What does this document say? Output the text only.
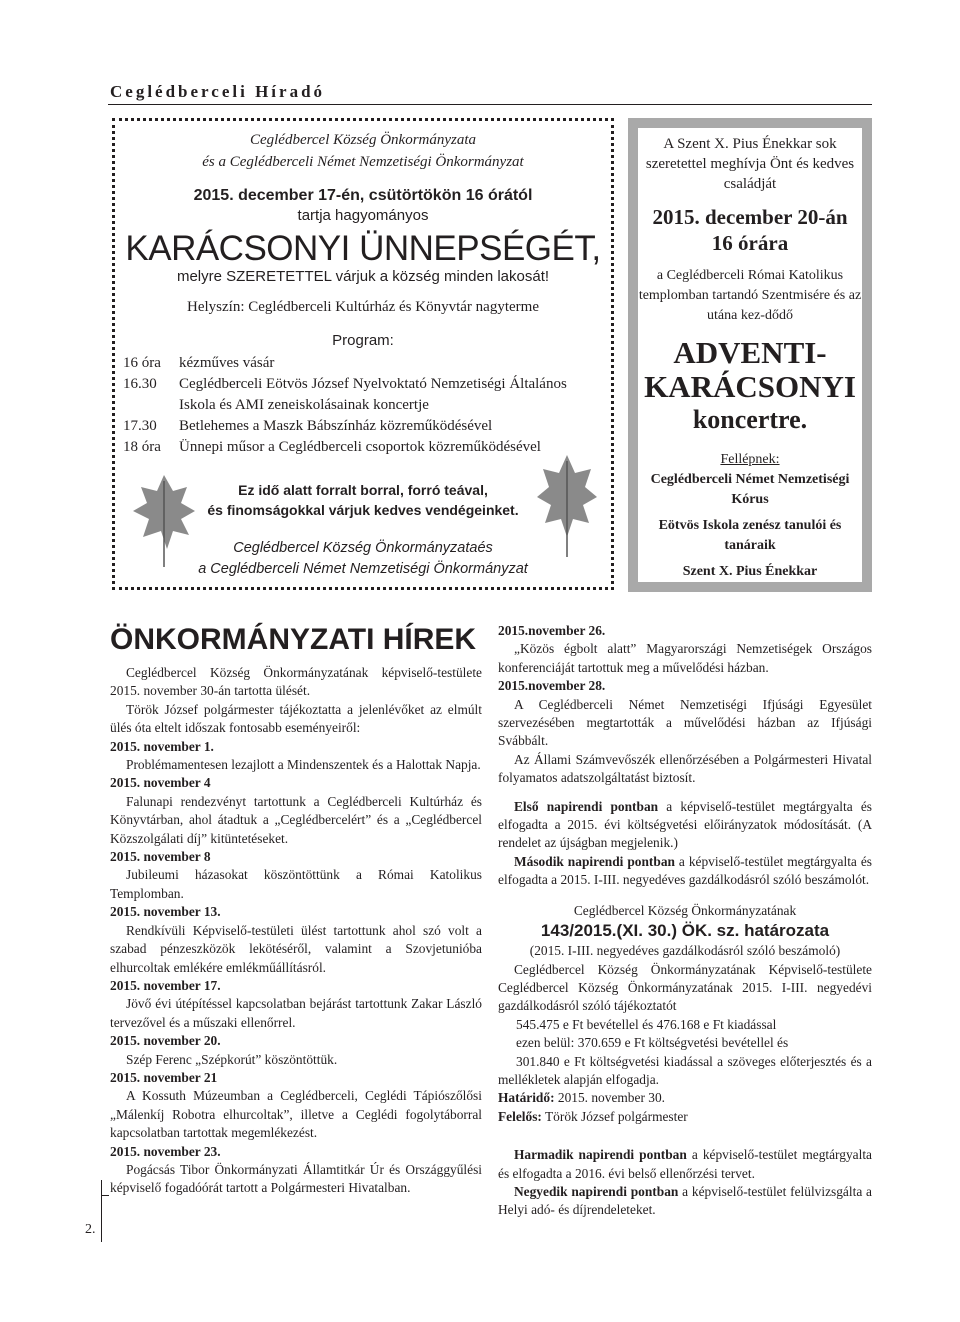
Ceglédberceli Híradó
Ceglédbercel Község Önkormányzata
és a Ceglédberceli Német Nemzetiségi Önkormányzat
2015. december 17-én, csütörtökön 16 órától
tartja hagyományos
KARÁCSONYI ÜNNEPSÉGÉT,
melyre SZERETETTEL várjuk a község minden lakosát!
Helyszín: Ceglédberceli Kultúrház és Könyvtár nagyterme
Program:
16 óra	kézműves vásár
16.30	Ceglédberceli Eötvös József Nyelvoktató Nemzetiségi Általános Iskola és AMI zeneiskolásainak koncertje
17.30	Betlehemes a Maszk Bábszínház közreműködésével
18 óra	Ünnepi műsor a Ceglédberceli csoportok közreműködésével
Ez idő alatt forralt borral, forró teával,
és finomságokkal várjuk kedves vendégeinket.
Ceglédbercel Község Önkormányzataés
a Ceglédberceli Német Nemzetiségi Önkormányzat
A Szent X. Pius Énekkar sok szeretettel meghívja Önt és kedves családját
2015. december 20-án
16 órára
a Ceglédberceli Római Katolikus templomban tartandó Szentmisére és az utána kez-dődő
ADVENTI-
KARÁCSONYI
koncertre.
Fellépnek:
Ceglédberceli Német Nemzetiségi Kórus
Eötvös Iskola zenész tanulói és tanáraik
Szent X. Pius Énekkar
ÖNKORMÁNYZATI HÍREK

Ceglédbercel Község Önkormányzatának képviselő-testülete 2015. november 30-án tartotta ülését.

Török József polgármester tájékoztatta a jelenlévőket az elmúlt ülés óta eltelt időszak fontosabb eseményeiről:

2015. november 1.

Problémamentesen lezajlott a Mindenszentek és a Halottak Napja.

2015. november 4

Falunapi rendezvényt tartottunk a Ceglédberceli Kultúrház és Könyvtárban, ahol átadtuk a „Ceglédbercelért” és a „Ceglédbercel Közszolgálati díj” kitüntetéseket.

2015. november 8

Jubileumi házasokat köszöntöttünk a Római Katolikus Templomban.

2015. november 13.

Rendkívüli Képviselő-testületi ülést tartottunk ahol szó volt a szabad pénzeszközök lekötéséről, valamint a Szovjetunióba elhurcoltak emlékére emlékműállításról.

2015. november 17.

Jövő évi útépítéssel kapcsolatban bejárást tartottunk Zakar László tervezővel és a műszaki ellenőrrel.

2015. november 20.

Szép Ferenc „Szépkorút” köszöntöttük.

2015. november 21

A Kossuth Múzeumban a Ceglédberceli, Ceglédi Tápiószőlősi „Málenkíj Robotra elhurcoltak”, illetve a Ceglédi fogolytáborral kapcsolatban tartottak megemlékezést.

2015. november 23.

Pogácsás Tibor Önkormányzati Államtitkár Úr és Országgyűlési képviselő fogadóórát tartott a Polgármesteri Hivatalban.

2015.november 26.

„Közös égbolt alatt” Magyarországi Nemzetiségek Országos konferenciáját tartottuk meg a művelődési házban.

2015.november 28.

A Ceglédberceli Német Nemzetiségi Ifjúsági Egyesület szervezésében megtartották a művelődési házban az Ifjúsági Svábbált.

Az Állami Számvevőszék ellenőrzésében a Polgármesteri Hivatal folyamatos adatszolgáltatást biztosít.

Első napirendi pontban a képviselő-testület megtárgyalta és elfogadta a 2015. évi költségvetési előirányzatok módosítását. (A rendelet az újságban megjelenik.)

Második napirendi pontban a képviselő-testület megtárgyalta és elfogadta a 2015. I-III. negyedéves gazdálkodásról szóló beszámolót.

Ceglédbercel Község Önkormányzatának
143/2015.(XI. 30.) ÖK. sz. határozata

(2015. I-III. negyedéves gazdálkodásról szóló beszámoló)

Ceglédbercel Község Önkormányzatának Képviselő-testülete Ceglédbercel Község Önkormányzatának 2015. I-III. negyedévi gazdálkodásról szóló tájékoztatót

545.475 e Ft bevétellel és 476.168 e Ft kiadással

ezen belül: 370.659 e Ft költségvetési bevétellel és

301.840 e Ft költségvetési kiadással a szöveges előterjesztés és a mellékletek alapján elfogadja.

Határidő: 2015. november 30.

Felelős: Török József polgármester

Harmadik napirendi pontban a képviselő-testület megtárgyalta és elfogadta a 2016. évi belső ellenőrzési tervet.

Negyedik napirendi pontban a képviselő-testület felülvizsgálta a Helyi adó- és díjrendeleteket.

2.
